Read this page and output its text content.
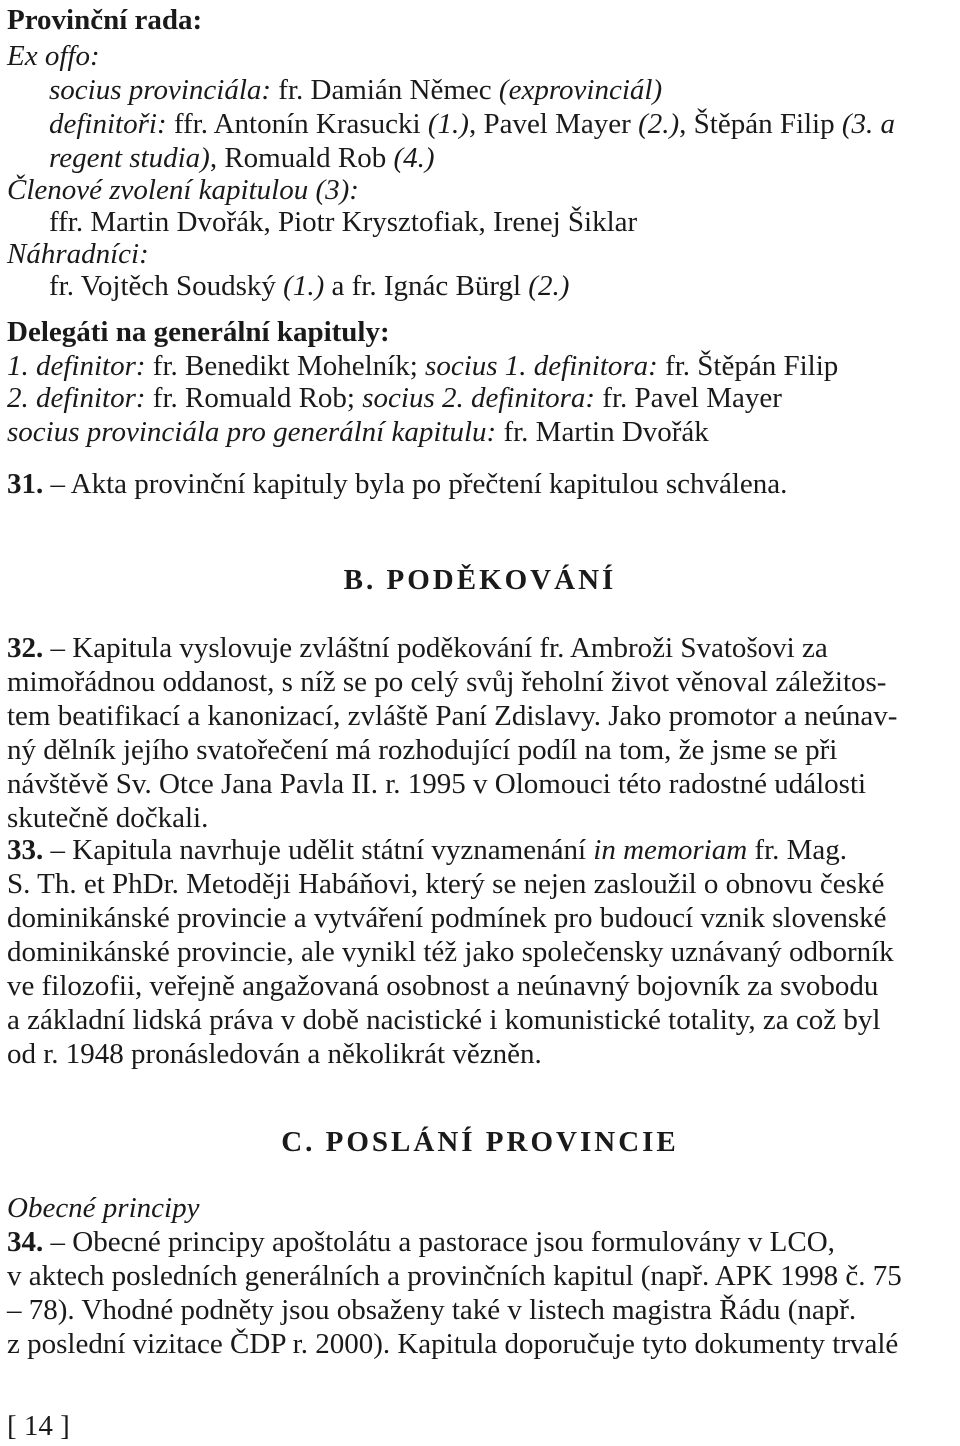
Provinční rada:
Ex offo:
socius provinciála: fr. Damián Němec (exprovinciál)
definitoři: ffr. Antonín Krasucki (1.), Pavel Mayer (2.), Štěpán Filip (3. a
regent studia), Romuald Rob (4.)
Členové zvolení kapitulou (3):
ffr. Martin Dvořák, Piotr Krysztofiak, Irenej Šiklar
Náhradníci:
fr. Vojtěch Soudský (1.) a fr. Ignác Bürgl (2.)
Delegáti na generální kapituly:
1. definitor: fr. Benedikt Mohelník; socius 1. definitora: fr. Štěpán Filip
2. definitor: fr. Romuald Rob; socius 2. definitora: fr. Pavel Mayer
socius provinciála pro generální kapitulu: fr. Martin Dvořák
31. – Akta provinční kapituly byla po přečtení kapitulou schválena.
B. PODĚKOVÁNÍ
32. – Kapitula vyslovuje zvláštní poděkování fr. Ambroži Svatošovi za
mimořádnou oddanost, s níž se po celý svůj řeholní život věnoval záležitos-
tem beatifikací a kanonizací, zvláště Paní Zdislavy. Jako promotor a neúnav-
ný dělník jejího svatořečení má rozhodující podíl na tom, že jsme se při
návštěvě Sv. Otce Jana Pavla II. r. 1995 v Olomouci této radostné události
skutečně dočkali.
33. – Kapitula navrhuje udělit státní vyznamenání in memoriam fr. Mag.
S. Th. et PhDr. Metoději Habáňovi, který se nejen zasloužil o obnovu české
dominikánské provincie a vytváření podmínek pro budoucí vznik slovenské
dominikánské provincie, ale vynikl též jako společensky uznávaný odborník
ve filozofii, veřejně angažovaná osobnost a neúnavný bojovník za svobodu
a základní lidská práva v době nacistické i komunistické totality, za což byl
od r. 1948 pronásledován a několikrát vězněn.
C. POSLÁNÍ PROVINCIE
Obecné principy
34. – Obecné principy apoštolátu a pastorace jsou formulovány v LCO,
v aktech posledních generálních a provinčních kapitul (např. APK 1998 č. 75
– 78). Vhodné podněty jsou obsaženy také v listech magistra Řádu (např.
z poslední vizitace ČDP r. 2000). Kapitula doporučuje tyto dokumenty trvalé
[ 14 ]
